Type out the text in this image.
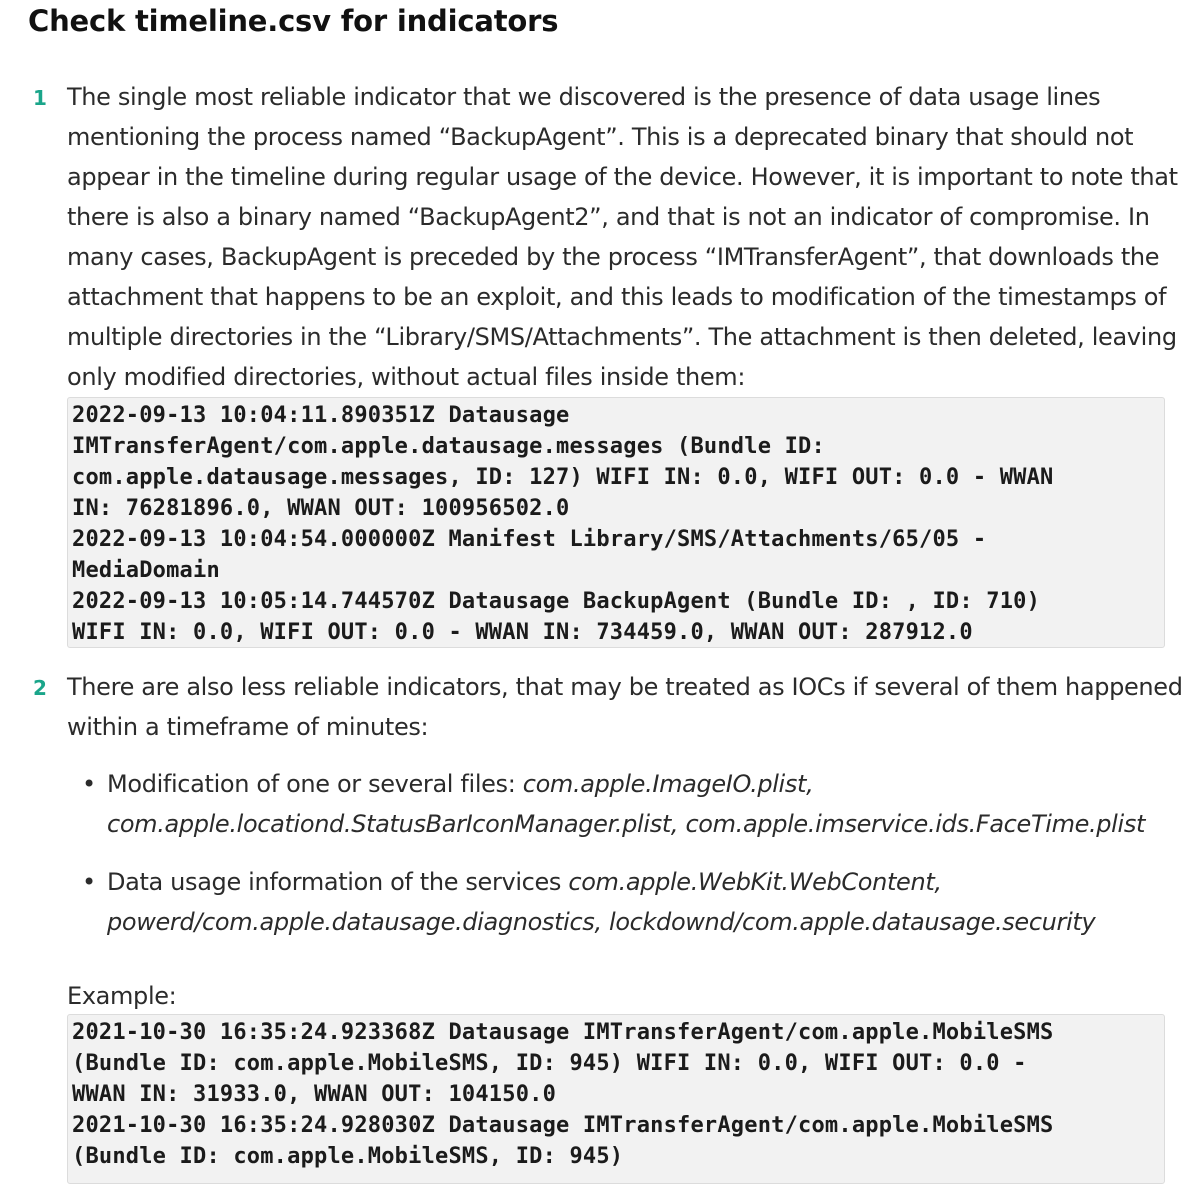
Check timeline.csv for indicators
1 The single most reliable indicator that we discovered is the presence of data usage lines
mentioning the process named “BackupAgent”. This is a deprecated binary that should not
appear in the timeline during regular usage of the device. However, it is important to note that
there is also a binary named “BackupAgent2”, and that is not an indicator of compromise. In
many cases, BackupAgent is preceded by the process “IMTransferAgent”, that downloads the
attachment that happens to be an exploit, and this leads to modification of the timestamps of
multiple directories in the “Library/SMS/Attachments”. The attachment is then deleted, leaving
only modified directories, without actual files inside them:
2022-09-13 10:04:11.890351Z Datausage
IMTransferAgent/com.apple.datausage.messages (Bundle ID:
com.apple.datausage.messages, ID: 127) WIFI IN: 0.0, WIFI OUT: 0.0 - WWAN
IN: 76281896.0, WWAN OUT: 100956502.0
2022-09-13 10:04:54.000000Z Manifest Library/SMS/Attachments/65/05 -
MediaDomain
2022-09-13 10:05:14.744570Z Datausage BackupAgent (Bundle ID: , ID: 710)
WIFI IN: 0.0, WIFI OUT: 0.0 - WWAN IN: 734459.0, WWAN OUT: 287912.0
2 There are also less reliable indicators, that may be treated as IOCs if several of them happened
within a timeframe of minutes:
• Modification of one or several files: com.apple.ImageIO.plist,
com.apple.locationd.StatusBarIconManager.plist, com.apple.imservice.ids.FaceTime.plist
• Data usage information of the services com.apple.WebKit.WebContent,
powerd/com.apple.datausage.diagnostics, lockdownd/com.apple.datausage.security
Example:
2021-10-30 16:35:24.923368Z Datausage IMTransferAgent/com.apple.MobileSMS
(Bundle ID: com.apple.MobileSMS, ID: 945) WIFI IN: 0.0, WIFI OUT: 0.0 -
WWAN IN: 31933.0, WWAN OUT: 104150.0
2021-10-30 16:35:24.928030Z Datausage IMTransferAgent/com.apple.MobileSMS
(Bundle ID: com.apple.MobileSMS, ID: 945)
